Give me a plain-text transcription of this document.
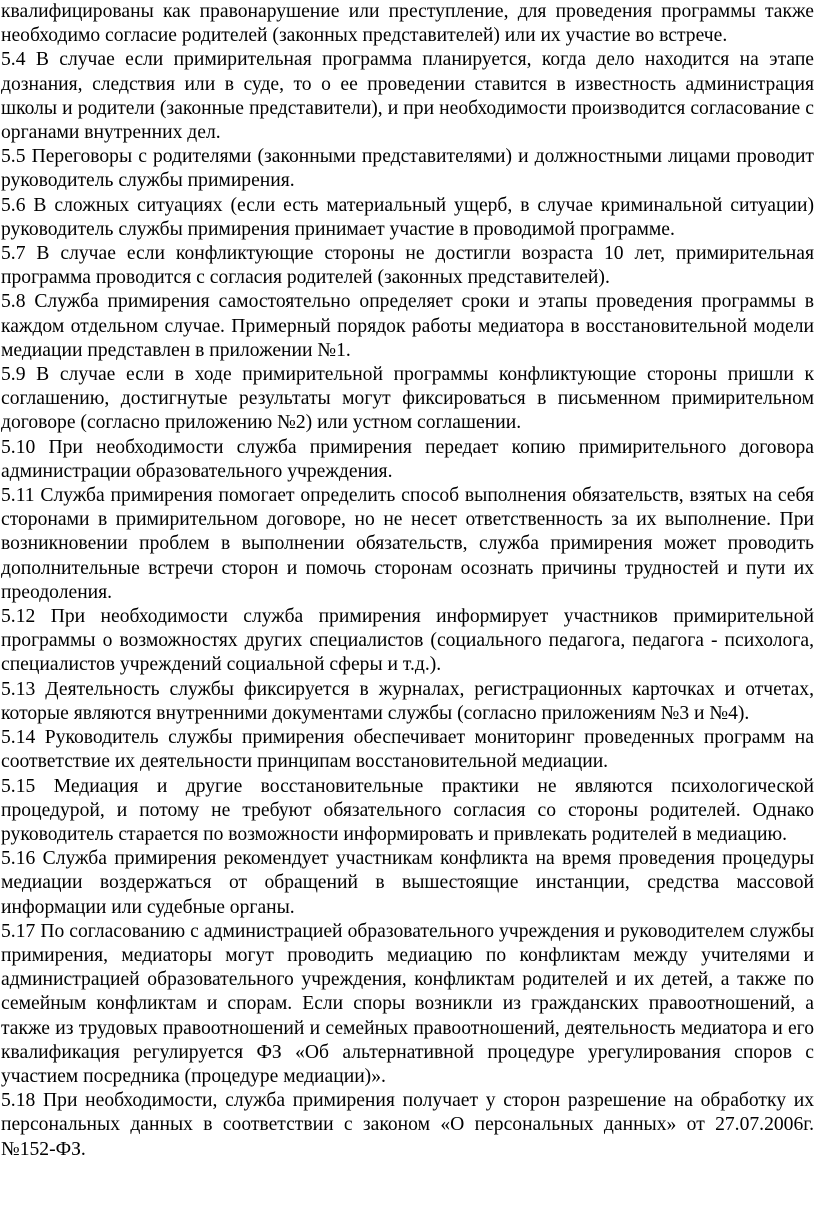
квалифицированы как правонарушение или преступление, для проведения программы также необходимо согласие родителей (законных представителей) или их участие во встрече.

5.4 В случае если примирительная программа планируется, когда дело находится на этапе дознания, следствия или в суде, то о ее проведении ставится в известность администрация школы и родители (законные представители), и при необходимости производится согласование с органами внутренних дел.

5.5 Переговоры с родителями (законными представителями) и должностными лицами проводит руководитель службы примирения.

5.6 В сложных ситуациях (если есть материальный ущерб, в случае криминальной ситуации) руководитель службы примирения принимает участие в проводимой программе.

5.7 В случае если конфликтующие стороны не достигли возраста 10 лет, примирительная программа проводится с согласия родителей (законных представителей).

5.8 Служба примирения самостоятельно определяет сроки и этапы проведения программы в каждом отдельном случае. Примерный порядок работы медиатора в восстановительной модели медиации представлен в приложении №1.

5.9 В случае если в ходе примирительной программы конфликтующие стороны пришли к соглашению, достигнутые результаты могут фиксироваться в письменном примирительном договоре (согласно приложению №2) или устном соглашении.

5.10 При необходимости служба примирения передает копию примирительного договора администрации образовательного учреждения.

5.11 Служба примирения помогает определить способ выполнения обязательств, взятых на себя сторонами в примирительном договоре, но не несет ответственность за их выполнение. При возникновении проблем в выполнении обязательств, служба примирения может проводить дополнительные встречи сторон и помочь сторонам осознать причины трудностей и пути их преодоления.

5.12 При необходимости служба примирения информирует участников примирительной программы о возможностях других специалистов (социального педагога, педагога - психолога, специалистов учреждений социальной сферы и т.д.).

5.13 Деятельность службы фиксируется в журналах, регистрационных карточках и отчетах, которые являются внутренними документами службы (согласно приложениям №3 и №4).

5.14 Руководитель службы примирения обеспечивает мониторинг проведенных программ на соответствие их деятельности принципам восстановительной медиации.

5.15 Медиация и другие восстановительные практики не являются психологической процедурой, и потому не требуют обязательного согласия со стороны родителей. Однако руководитель старается по возможности информировать и привлекать родителей в медиацию.

5.16 Служба примирения рекомендует участникам конфликта на время проведения процедуры медиации воздержаться от обращений в вышестоящие инстанции, средства массовой информации или судебные органы.

5.17 По согласованию с администрацией образовательного учреждения и руководителем службы примирения, медиаторы могут проводить медиацию по конфликтам между учителями и администрацией образовательного учреждения, конфликтам родителей и их детей, а также по семейным конфликтам и спорам. Если споры возникли из гражданских правоотношений, а также из трудовых правоотношений и семейных правоотношений, деятельность медиатора и его квалификация регулируется ФЗ «Об альтернативной процедуре урегулирования споров с участием посредника (процедуре медиации)».

5.18 При необходимости, служба примирения получает у сторон разрешение на обработку их персональных данных в соответствии с законом «О персональных данных» от 27.07.2006г. №152-ФЗ.
